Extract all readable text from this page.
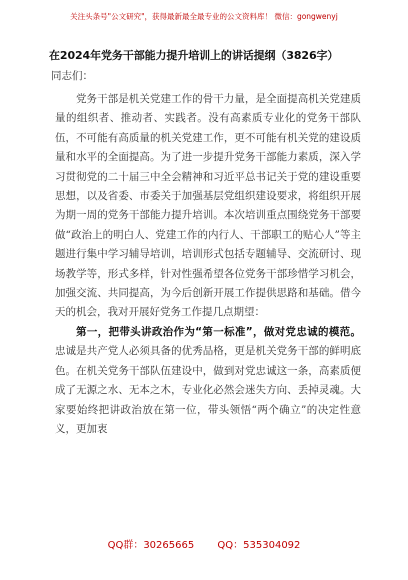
关注头条号"公文研究"，获得最新最全最专业的公文资料库！ 微信：gongwenyj
在2024年党务干部能力提升培训上的讲话提纲（3826字）
同志们：

党务干部是机关党建工作的骨干力量，是全面提高机关党建质量的组织者、推动者、实践者。没有高素质专业化的党务干部队伍，不可能有高质量的机关党建工作，更不可能有机关党的建设质量和水平的全面提高。为了进一步提升党务干部能力素质，深入学习贯彻党的二十届三中全会精神和习近平总书记关于党的建设重要思想，以及省委、市委关于加强基层党组织建设要求，将组织开展为期一周的党务干部能力提升培训。本次培训重点围绕党务干部要做“政治上的明白人、党建工作的内行人、干部职工的贴心人”等主题进行集中学习辅导培训，培训形式包括专题辅导、交流研讨、现场教学等，形式多样，针对性强希望各位党务干部珍惜学习机会，加强交流、共同提高，为今后创新开展工作提供思路和基础。借今天的机会，我对开展好党务工作提几点期望：

第一，把带头讲政治作为“第一标准”，做对党忠诚的模范。忠诚是共产党人必须具备的优秀品格，更是机关党务干部的鲜明底色。在机关党务干部队伍建设中，做到对党忠诚这一条，高素质便成了无源之水、无本之木，专业化必然会迷失方向、丢掉灵魂。大家要始终把讲政治放在第一位，带头领悟“两个确立”的决定性意义，更加衷

QQ群：30265665 QQ：535304092
